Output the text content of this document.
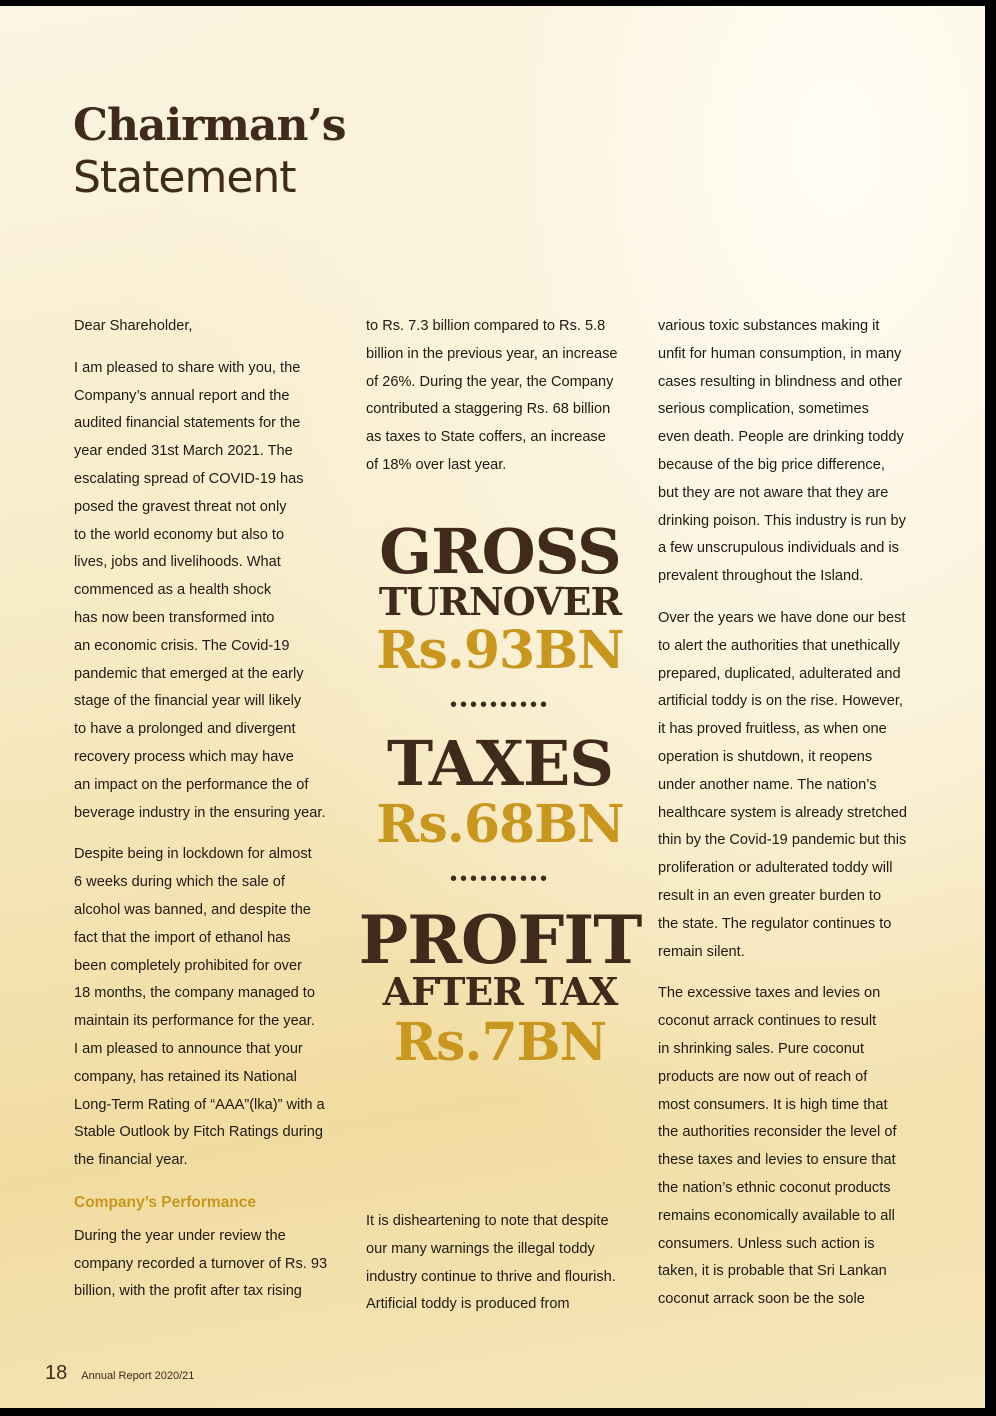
Chairman’s
Statement

Dear Shareholder,

I am pleased to share with you, the
Company’s annual report and the
audited financial statements for the
year ended 31st March 2021. The
escalating spread of COVID-19 has
posed the gravest threat not only
to the world economy but also to
lives, jobs and livelihoods. What
commenced as a health shock
has now been transformed into
an economic crisis. The Covid-19
pandemic that emerged at the early
stage of the financial year will likely
to have a prolonged and divergent
recovery process which may have
an impact on the performance the of
beverage industry in the ensuring year.

Despite being in lockdown for almost
6 weeks during which the sale of
alcohol was banned, and despite the
fact that the import of ethanol has
been completely prohibited for over
18 months, the company managed to
maintain its performance for the year.
I am pleased to announce that your
company, has retained its National
Long-Term Rating of “AAA”(lka)” with a
Stable Outlook by Fitch Ratings during
the financial year.

Company’s Performance

During the year under review the
company recorded a turnover of Rs. 93
billion, with the profit after tax rising

to Rs. 7.3 billion compared to Rs. 5.8
billion in the previous year, an increase
of 26%. During the year, the Company
contributed a staggering Rs. 68 billion
as taxes to State coffers, an increase
of 18% over last year.

GROSS
TURNOVER
Rs.93BN
••••••••••
TAXES
Rs.68BN
••••••••••
PROFIT
AFTER TAX
Rs.7BN

It is disheartening to note that despite
our many warnings the illegal toddy
industry continue to thrive and flourish.
Artificial toddy is produced from

various toxic substances making it
unfit for human consumption, in many
cases resulting in blindness and other
serious complication, sometimes
even death. People are drinking toddy
because of the big price difference,
but they are not aware that they are
drinking poison. This industry is run by
a few unscrupulous individuals and is
prevalent throughout the Island.

Over the years we have done our best
to alert the authorities that unethically
prepared, duplicated, adulterated and
artificial toddy is on the rise. However,
it has proved fruitless, as when one
operation is shutdown, it reopens
under another name. The nation’s
healthcare system is already stretched
thin by the Covid-19 pandemic but this
proliferation or adulterated toddy will
result in an even greater burden to
the state. The regulator continues to
remain silent.

The excessive taxes and levies on
coconut arrack continues to result
in shrinking sales. Pure coconut
products are now out of reach of
most consumers. It is high time that
the authorities reconsider the level of
these taxes and levies to ensure that
the nation’s ethnic coconut products
remains economically available to all
consumers. Unless such action is
taken, it is probable that Sri Lankan
coconut arrack soon be the sole

18 Annual Report 2020/21
